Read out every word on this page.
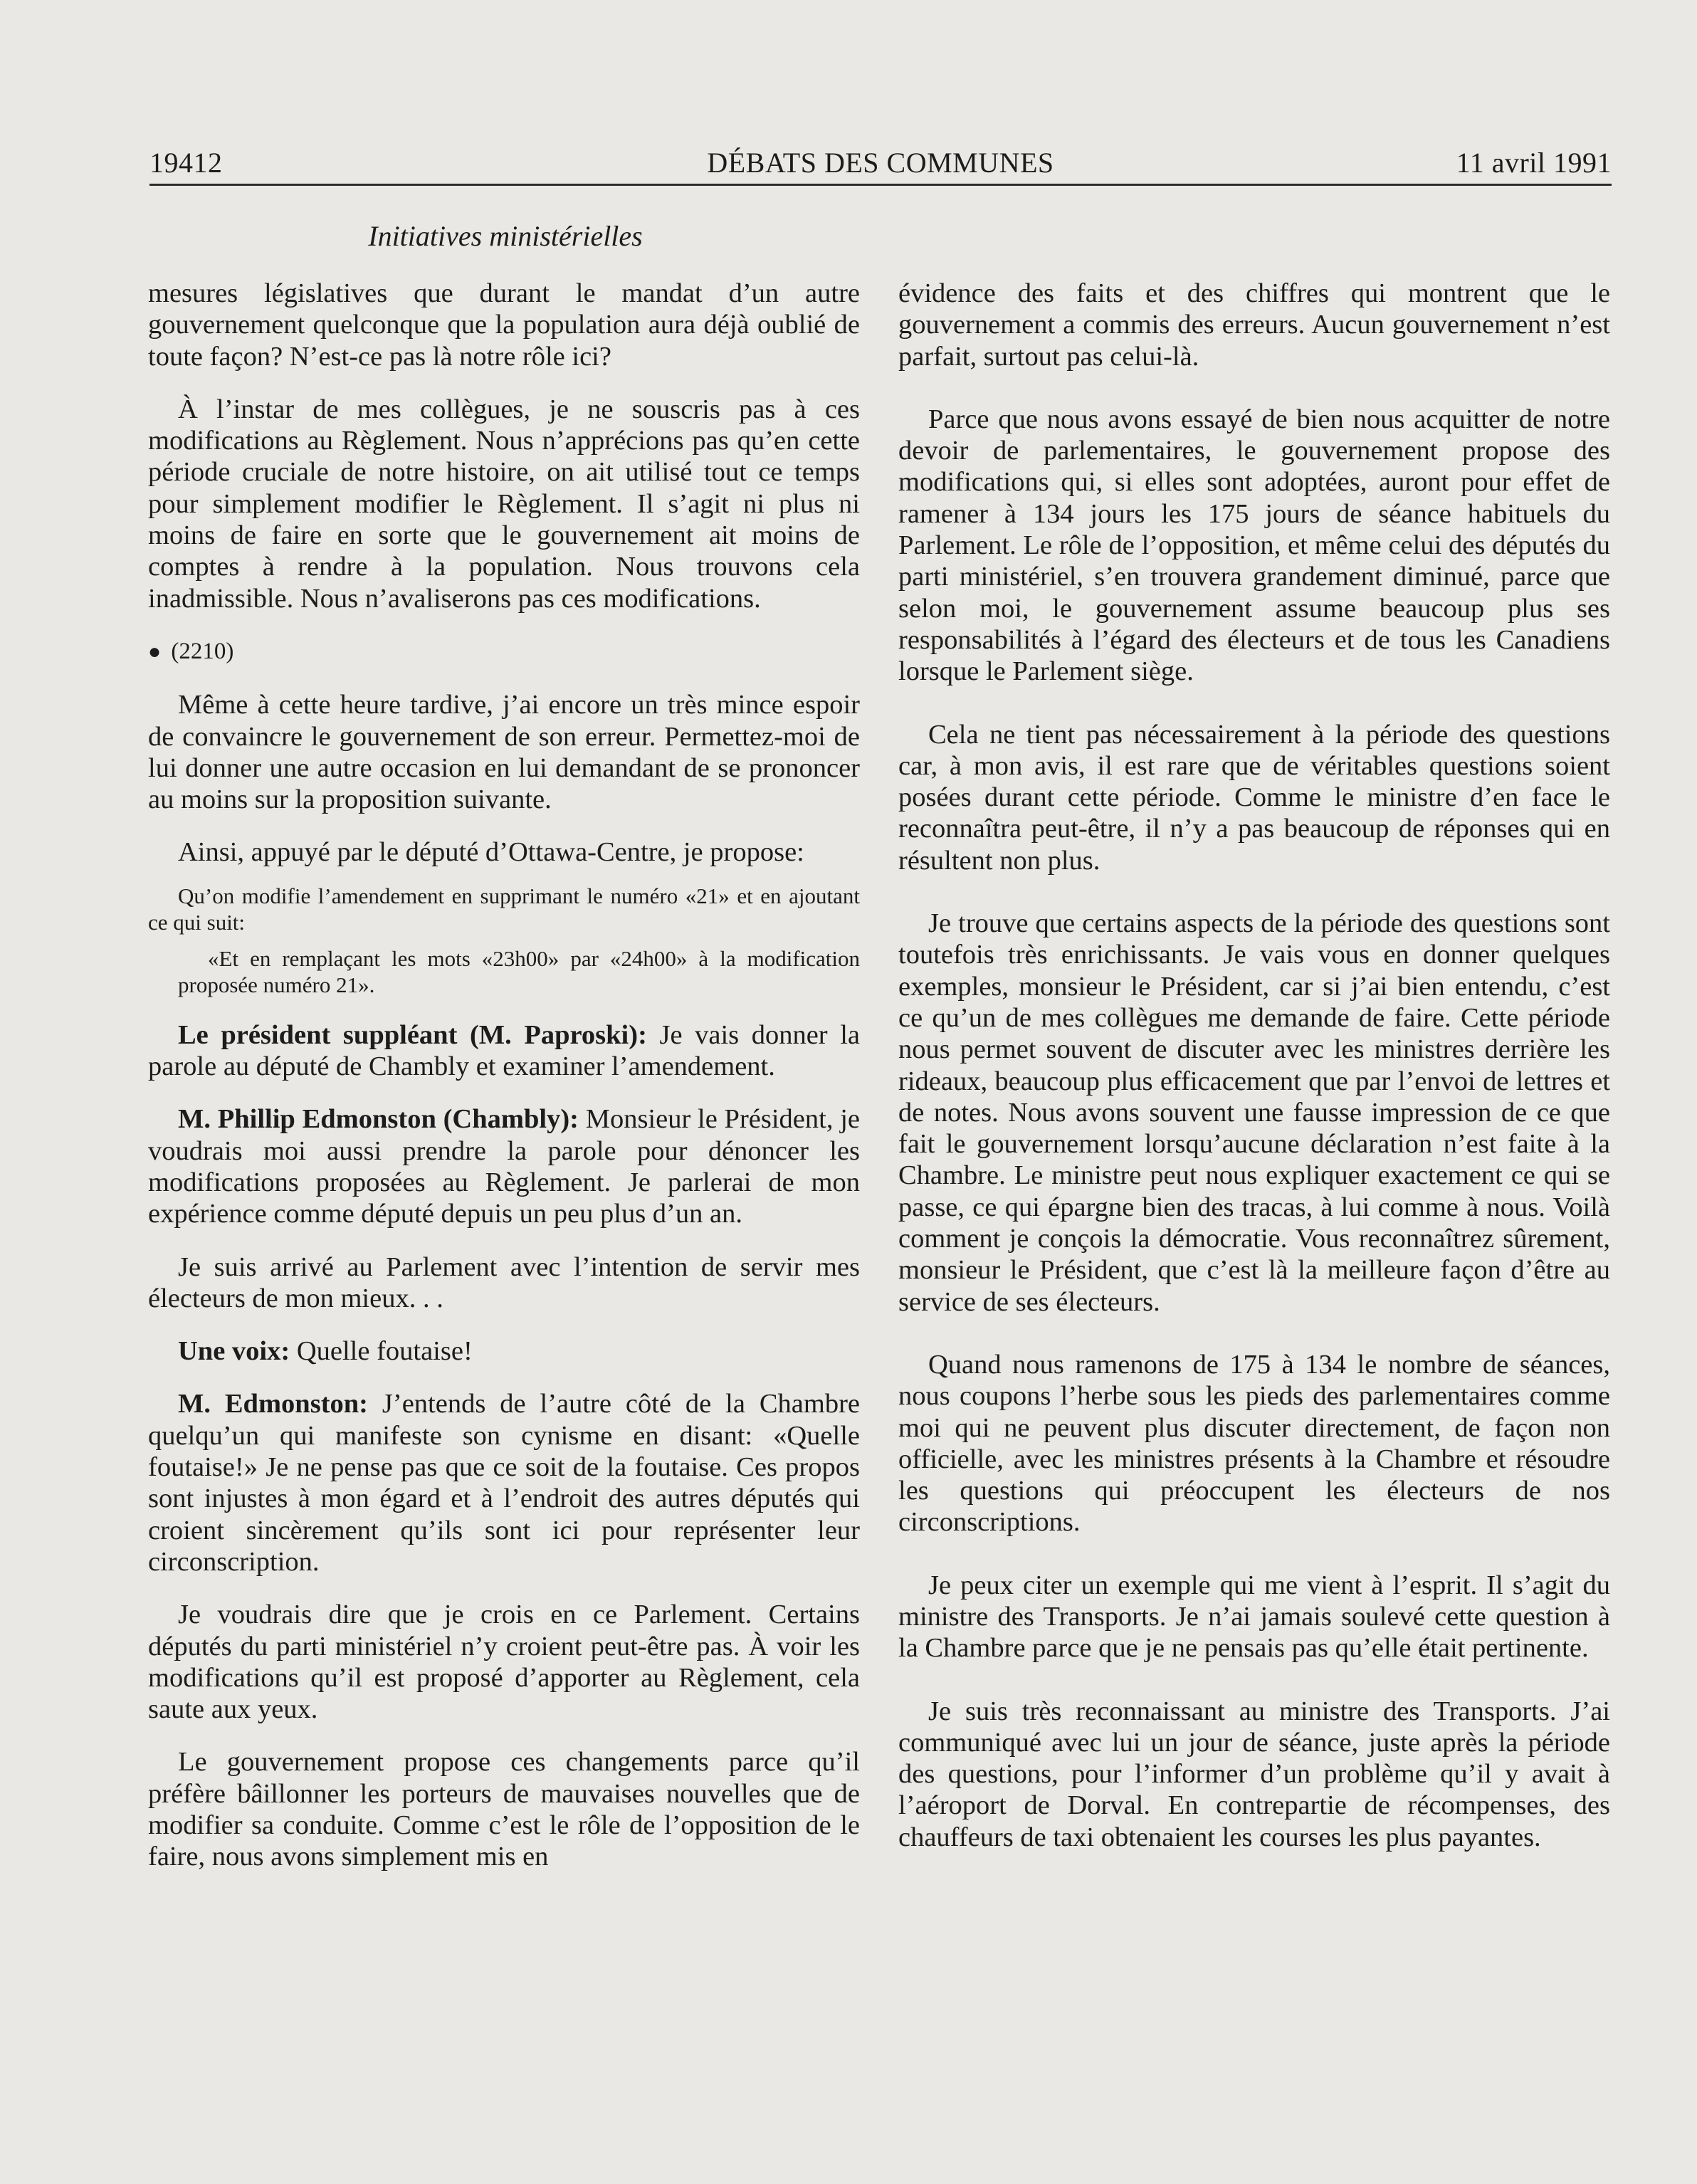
19412	DÉBATS DES COMMUNES	11 avril 1991
Initiatives ministérielles

mesures législatives que durant le mandat d’un autre gouvernement quelconque que la population aura déjà oublié de toute façon? N’est-ce pas là notre rôle ici?

À l’instar de mes collègues, je ne souscris pas à ces modifications au Règlement. Nous n’apprécions pas qu’en cette période cruciale de notre histoire, on ait utilisé tout ce temps pour simplement modifier le Règlement. Il s’agit ni plus ni moins de faire en sorte que le gouvernement ait moins de comptes à rendre à la population. Nous trouvons cela inadmissible. Nous n’avaliserons pas ces modifications.

● (2210)

Même à cette heure tardive, j’ai encore un très mince espoir de convaincre le gouvernement de son erreur. Permettez-moi de lui donner une autre occasion en lui demandant de se prononcer au moins sur la proposition suivante.

Ainsi, appuyé par le député d’Ottawa-Centre, je propose:

Qu’on modifie l’amendement en supprimant le numéro «21» et en ajoutant ce qui suit:

«Et en remplaçant les mots «23h00» par «24h00» à la modification proposée numéro 21».

Le président suppléant (M. Paproski): Je vais donner la parole au député de Chambly et examiner l’amendement.

M. Phillip Edmonston (Chambly): Monsieur le Président, je voudrais moi aussi prendre la parole pour dénoncer les modifications proposées au Règlement. Je parlerai de mon expérience comme député depuis un peu plus d’un an.

Je suis arrivé au Parlement avec l’intention de servir mes électeurs de mon mieux. . .

Une voix: Quelle foutaise!

M. Edmonston: J’entends de l’autre côté de la Chambre quelqu’un qui manifeste son cynisme en disant: «Quelle foutaise!» Je ne pense pas que ce soit de la foutaise. Ces propos sont injustes à mon égard et à l’endroit des autres députés qui croient sincèrement qu’ils sont ici pour représenter leur circonscription.

Je voudrais dire que je crois en ce Parlement. Certains députés du parti ministériel n’y croient peut-être pas. À voir les modifications qu’il est proposé d’apporter au Règlement, cela saute aux yeux.

Le gouvernement propose ces changements parce qu’il préfère bâillonner les porteurs de mauvaises nouvelles que de modifier sa conduite. Comme c’est le rôle de l’opposition de le faire, nous avons simplement mis en

évidence des faits et des chiffres qui montrent que le gouvernement a commis des erreurs. Aucun gouvernement n’est parfait, surtout pas celui-là.

Parce que nous avons essayé de bien nous acquitter de notre devoir de parlementaires, le gouvernement propose des modifications qui, si elles sont adoptées, auront pour effet de ramener à 134 jours les 175 jours de séance habituels du Parlement. Le rôle de l’opposition, et même celui des députés du parti ministériel, s’en trouvera grandement diminué, parce que selon moi, le gouvernement assume beaucoup plus ses responsabilités à l’égard des électeurs et de tous les Canadiens lorsque le Parlement siège.

Cela ne tient pas nécessairement à la période des questions car, à mon avis, il est rare que de véritables questions soient posées durant cette période. Comme le ministre d’en face le reconnaîtra peut-être, il n’y a pas beaucoup de réponses qui en résultent non plus.

Je trouve que certains aspects de la période des questions sont toutefois très enrichissants. Je vais vous en donner quelques exemples, monsieur le Président, car si j’ai bien entendu, c’est ce qu’un de mes collègues me demande de faire. Cette période nous permet souvent de discuter avec les ministres derrière les rideaux, beaucoup plus efficacement que par l’envoi de lettres et de notes. Nous avons souvent une fausse impression de ce que fait le gouvernement lorsqu’aucune déclaration n’est faite à la Chambre. Le ministre peut nous expliquer exactement ce qui se passe, ce qui épargne bien des tracas, à lui comme à nous. Voilà comment je conçois la démocratie. Vous reconnaîtrez sûrement, monsieur le Président, que c’est là la meilleure façon d’être au service de ses électeurs.

Quand nous ramenons de 175 à 134 le nombre de séances, nous coupons l’herbe sous les pieds des parlementaires comme moi qui ne peuvent plus discuter directement, de façon non officielle, avec les ministres présents à la Chambre et résoudre les questions qui préoccupent les électeurs de nos circonscriptions.

Je peux citer un exemple qui me vient à l’esprit. Il s’agit du ministre des Transports. Je n’ai jamais soulevé cette question à la Chambre parce que je ne pensais pas qu’elle était pertinente.

Je suis très reconnaissant au ministre des Transports. J’ai communiqué avec lui un jour de séance, juste après la période des questions, pour l’informer d’un problème qu’il y avait à l’aéroport de Dorval. En contrepartie de récompenses, des chauffeurs de taxi obtenaient les courses les plus payantes.
